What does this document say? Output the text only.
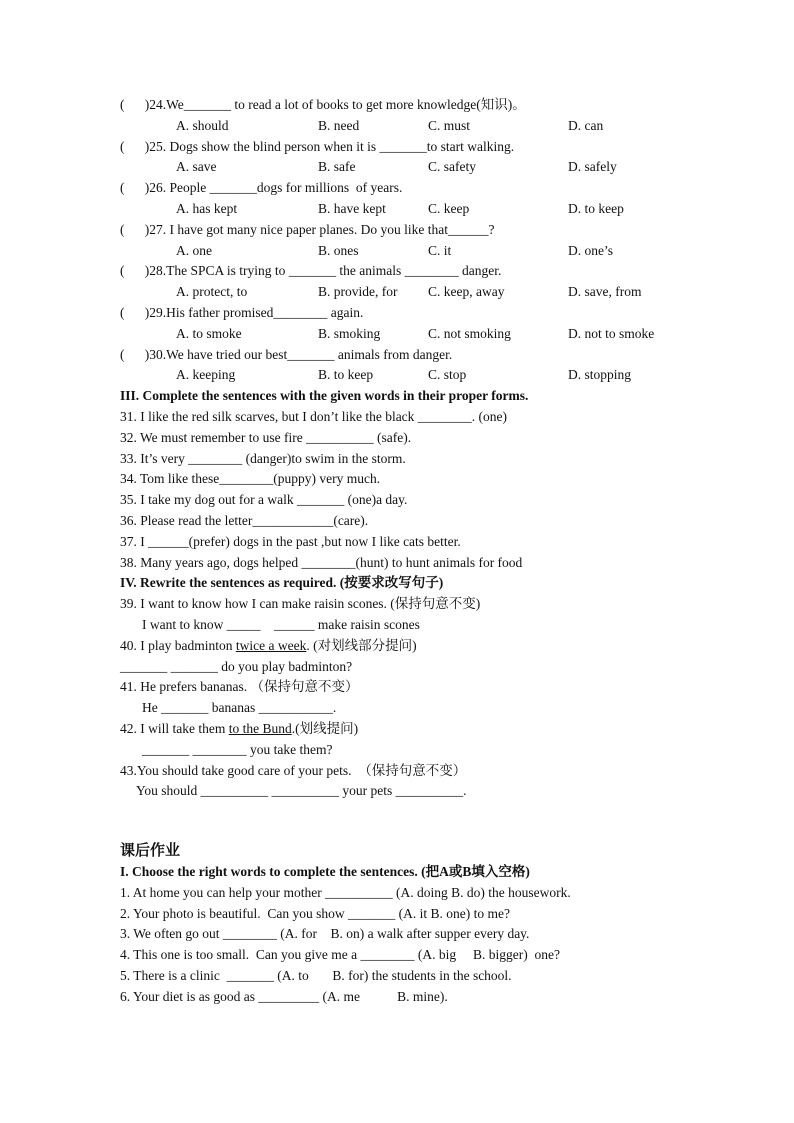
(      )24.We_______ to read a lot of books to get more knowledge(知识)。
A. should	B. need	C. must	D. can
(      )25. Dogs show the blind person when it is _______to start walking.
A. save	B. safe	C. safety	D. safely
(      )26. People _______dogs for millions  of years.
A. has kept	B. have kept	C. keep	D. to keep
(      )27. I have got many nice paper planes. Do you like that______?
A. one	B. ones	C. it	D. one’s
(      )28.The SPCA is trying to _______ the animals ________ danger.
A. protect, to	B. provide, for	C. keep, away	D. save, from
(      )29.His father promised________ again.
A. to smoke	B. smoking	C. not smoking	D. not to smoke
(      )30.We have tried our best_______ animals from danger.
A. keeping	B. to keep	C. stop	D. stopping
III. Complete the sentences with the given words in their proper forms.
31. I like the red silk scarves, but I don’t like the black ________. (one)
32. We must remember to use fire __________ (safe).
33. It’s very ________ (danger)to swim in the storm.
34. Tom like these________(puppy) very much.
35. I take my dog out for a walk _______ (one)a day.
36. Please read the letter____________(care).
37. I ______(prefer) dogs in the past ,but now I like cats better.
38. Many years ago, dogs helped ________(hunt) to hunt animals for food
IV. Rewrite the sentences as required. (按要求改写句子)
39. I want to know how I can make raisin scones. (保持句意不变)
I want to know _____    ______ make raisin scones
40. I play badminton twice a week. (对划线部分提问)
_______ _______ do you play badminton?
41. He prefers bananas. （保持句意不变）
He _______ bananas ___________.
42. I will take them to the Bund.(划线提问)
_______ ________ you take them?
43.You should take good care of your pets.  （保持句意不变）
You should __________ __________ your pets __________.
课后作业
I. Choose the right words to complete the sentences. (把A或B填入空格)
1. At home you can help your mother __________ (A. doing B. do) the housework.
2. Your photo is beautiful.  Can you show _______ (A. it B. one) to me?
3. We often go out ________ (A. for    B. on) a walk after supper every day.
4. This one is too small.  Can you give me a ________ (A. big     B. bigger)  one?
5. There is a clinic  _______ (A. to       B. for) the students in the school.
6. Your diet is as good as _________ (A. me           B. mine).
